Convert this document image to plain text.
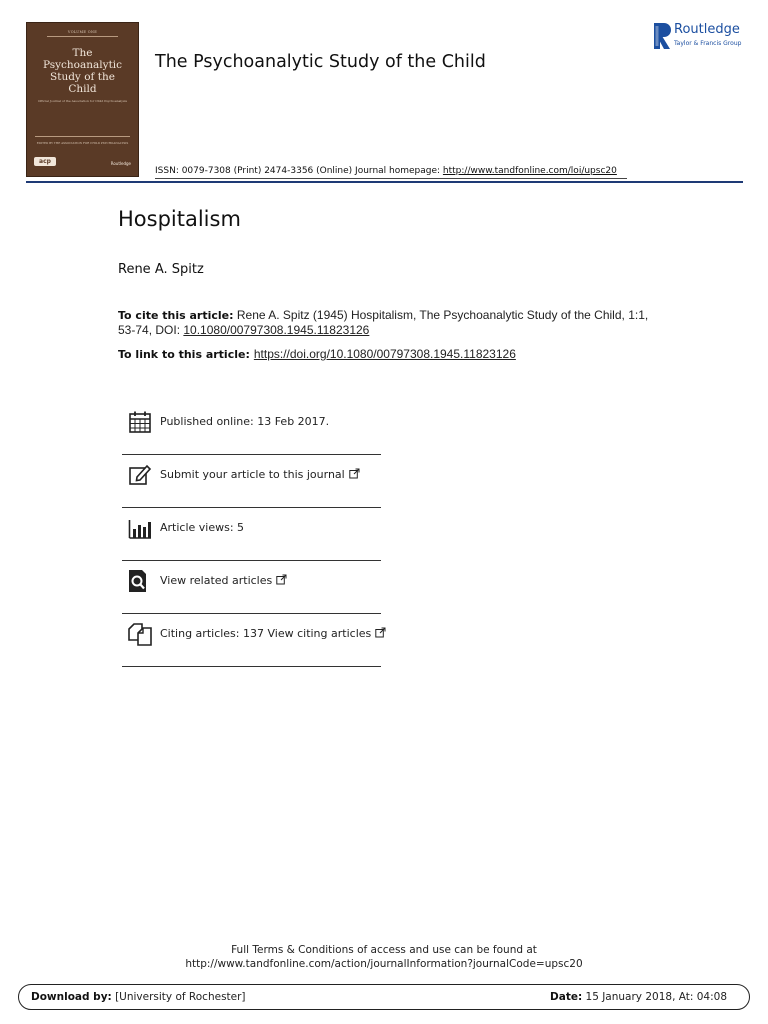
VOLUME ONE
The
Psychoanalytic
Study of the
Child
Official Journal of the Association for Child Psychoanalysis
EDITED BY THE ASSOCIATION FOR CHILD PSYCHOANALYSIS
acp	Routledge
The Psychoanalytic Study of the Child
Routledge
Taylor & Francis Group
ISSN: 0079-7308 (Print) 2474-3356 (Online) Journal homepage: http://www.tandfonline.com/loi/upsc20
Hospitalism
Rene A. Spitz
To cite this article: Rene A. Spitz (1945) Hospitalism, The Psychoanalytic Study of the Child, 1:1, 53-74, DOI: 10.1080/00797308.1945.11823126
To link to this article: https://doi.org/10.1080/00797308.1945.11823126
Published online: 13 Feb 2017.
Submit your article to this journal
Article views: 5
View related articles
Citing articles: 137 View citing articles
Full Terms & Conditions of access and use can be found at
http://www.tandfonline.com/action/journalInformation?journalCode=upsc20
Download by: [University of Rochester]	Date: 15 January 2018, At: 04:08
